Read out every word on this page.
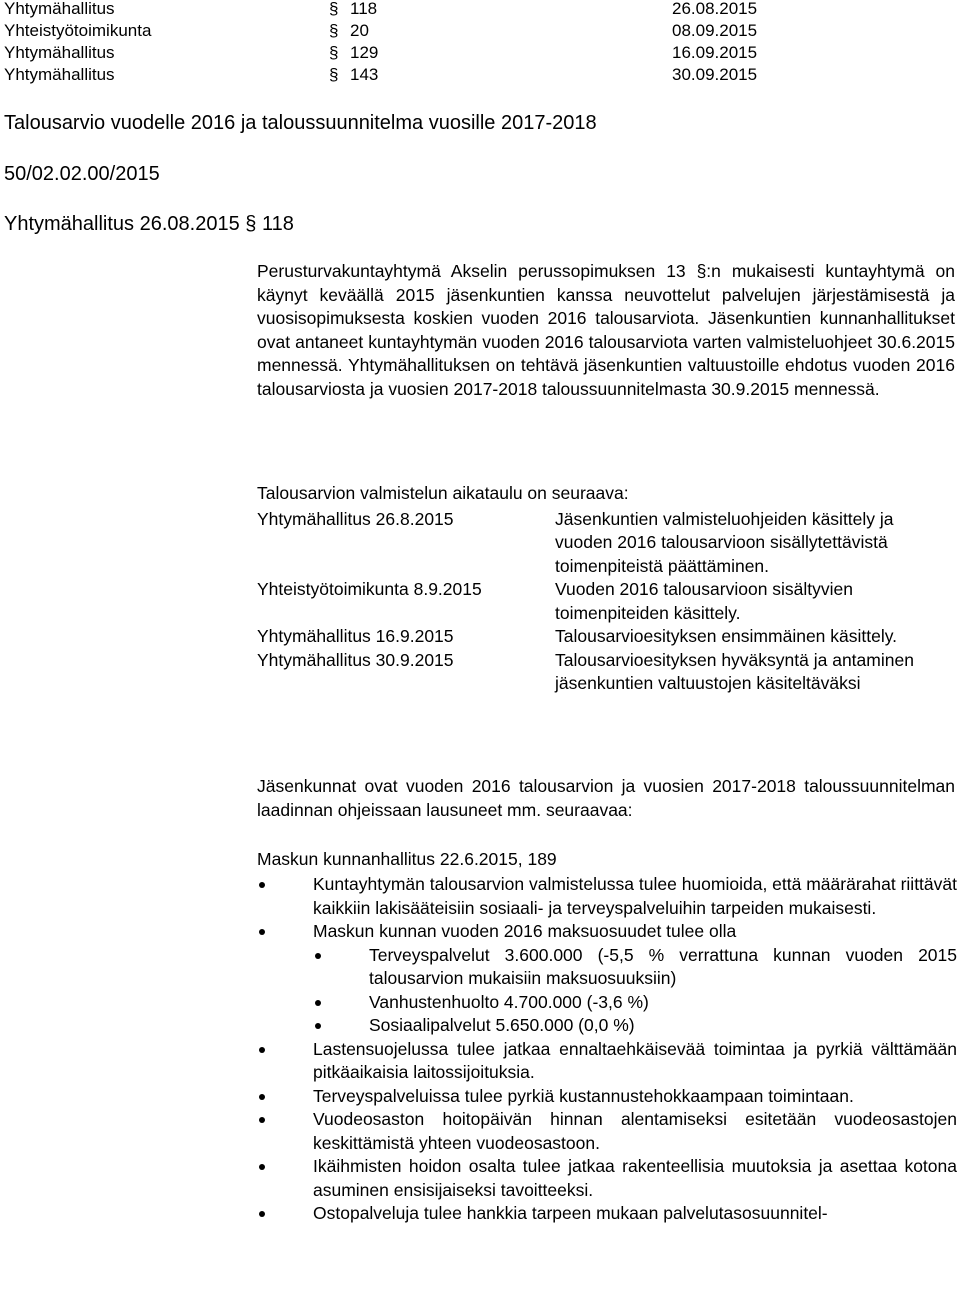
Yhtymähallitus	§ 118	26.08.2015
Yhteistyötoimikunta	§ 20	08.09.2015
Yhtymähallitus	§ 129	16.09.2015
Yhtymähallitus	§ 143	30.09.2015
Talousarvio vuodelle 2016 ja taloussuunnitelma vuosille 2017-2018
50/02.02.00/2015
Yhtymähallitus 26.08.2015 § 118

Perusturvakuntayhtymä Akselin perussopimuksen 13 §:n mukaisesti kuntayhtymä on käynyt keväällä 2015 jäsenkuntien kanssa neuvottelut palvelujen järjestämisestä ja vuosisopimuksesta koskien vuoden 2016 talousarviota. Jäsenkuntien kunnanhallitukset ovat antaneet kuntayhtymän vuoden 2016 talousarviota varten valmisteluohjeet 30.6.2015 mennessä. Yhtymähallituksen on tehtävä jäsenkuntien valtuustoille ehdotus vuoden 2016 talousarviosta ja vuosien 2017-2018 taloussuunnitelmasta 30.9.2015 mennessä.

Talousarvion valmistelun aikataulu on seuraava:

Yhtymähallitus 26.8.2015	Jäsenkuntien valmisteluohjeiden käsittely ja vuoden 2016 talousarvioon sisällytettävistä toimenpiteistä päättäminen.
Yhteistyötoimikunta 8.9.2015	Vuoden 2016 talousarvioon sisältyvien toimenpiteiden käsittely.
Yhtymähallitus 16.9.2015	Talousarvioesityksen ensimmäinen käsittely.
Yhtymähallitus 30.9.2015	Talousarvioesityksen hyväksyntä ja antaminen jäsenkuntien valtuustojen käsiteltäväksi

Jäsenkunnat ovat vuoden 2016 talousarvion ja vuosien 2017-2018 taloussuunnitelman laadinnan ohjeissaan lausuneet mm. seuraavaa:

Maskun kunnanhallitus 22.6.2015, 189
Kuntayhtymän talousarvion valmistelussa tulee huomioida, että määrärahat riittävät kaikkiin lakisääteisiin sosiaali- ja terveyspalveluihin tarpeiden mukaisesti.
Maskun kunnan vuoden 2016 maksuosuudet tulee olla
Terveyspalvelut 3.600.000 (-5,5 % verrattuna kunnan vuoden 2015 talousarvion mukaisiin maksuosuuksiin)
Vanhustenhuolto 4.700.000 (-3,6 %)
Sosiaalipalvelut 5.650.000 (0,0 %)
Lastensuojelussa tulee jatkaa ennaltaehkäisevää toimintaa ja pyrkiä välttämään pitkäaikaisia laitossijoituksia.
Terveyspalveluissa tulee pyrkiä kustannustehokkaampaan toimintaan.
Vuodeosaston hoitopäivän hinnan alentamiseksi esitetään vuodeosastojen keskittämistä yhteen vuodeosastoon.
Ikäihmisten hoidon osalta tulee jatkaa rakenteellisia muutoksia ja asettaa kotona asuminen ensisijaiseksi tavoitteeksi.
Ostopalveluja tulee hankkia tarpeen mukaan palvelutasosuunnitel-
